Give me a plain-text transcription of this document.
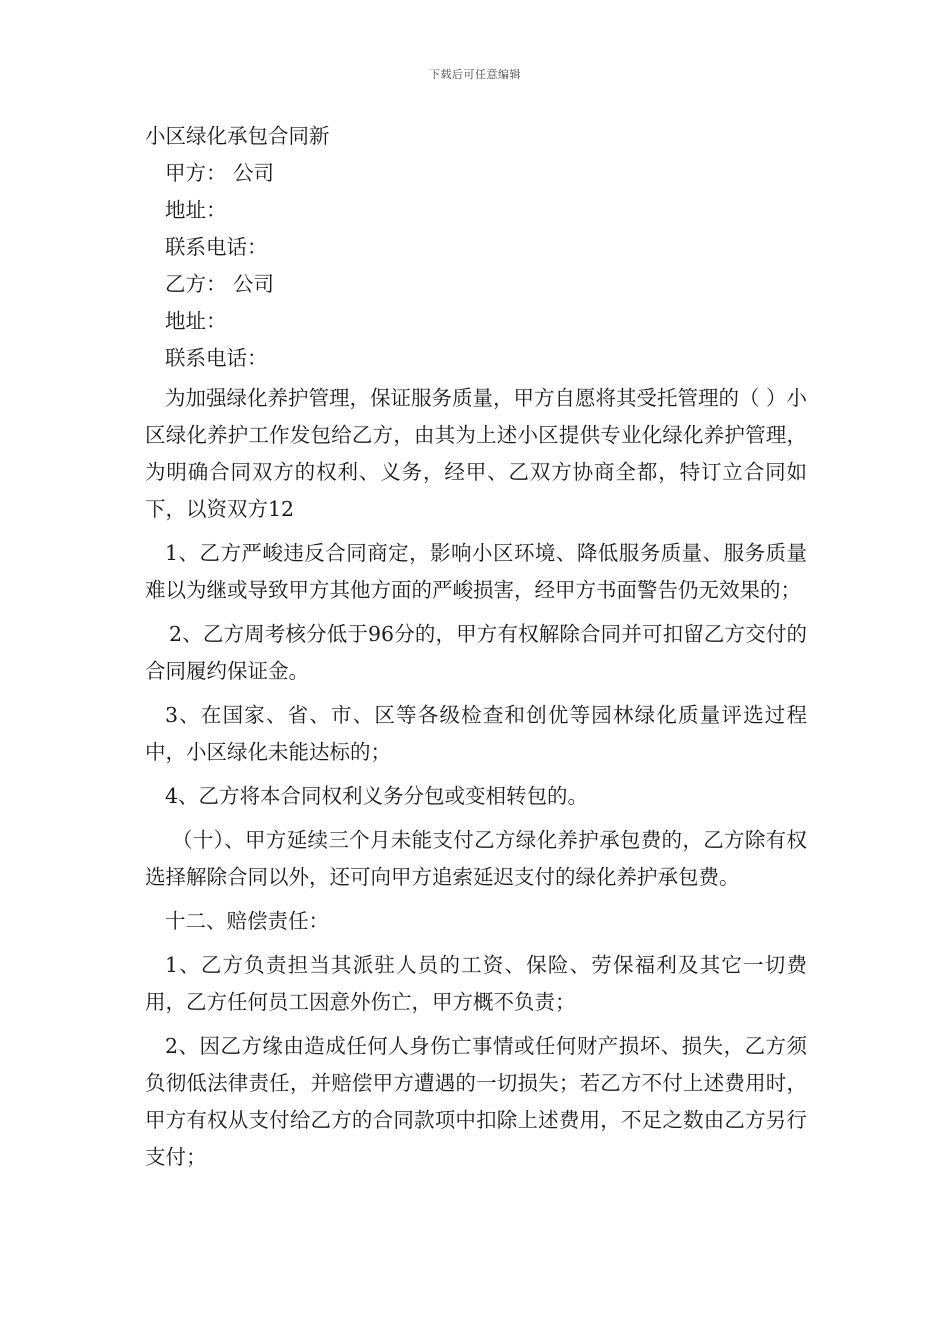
下载后可任意编辑

小区绿化承包合同新

甲方： 公司

地址：

联系电话：

乙方： 公司

地址：

联系电话：

为加强绿化养护管理，保证服务质量，甲方自愿将其受托管理的（ ）小区绿化养护工作发包给乙方，由其为上述小区提供专业化绿化养护管理，为明确合同双方的权利、义务，经甲、乙双方协商全都，特订立合同如下，以资双方12

1、乙方严峻违反合同商定，影响小区环境、降低服务质量、服务质量难以为继或导致甲方其他方面的严峻损害，经甲方书面警告仍无效果的；

2、乙方周考核分低于96分的，甲方有权解除合同并可扣留乙方交付的合同履约保证金。

3、在国家、省、市、区等各级检查和创优等园林绿化质量评选过程中，小区绿化未能达标的；

4、乙方将本合同权利义务分包或变相转包的。

（十）、甲方延续三个月未能支付乙方绿化养护承包费的，乙方除有权选择解除合同以外，还可向甲方追索延迟支付的绿化养护承包费。

十二、赔偿责任：

1、乙方负责担当其派驻人员的工资、保险、劳保福利及其它一切费用，乙方任何员工因意外伤亡，甲方概不负责；

2、因乙方缘由造成任何人身伤亡事情或任何财产损坏、损失，乙方须负彻低法律责任，并赔偿甲方遭遇的一切损失；若乙方不付上述费用时，甲方有权从支付给乙方的合同款项中扣除上述费用，不足之数由乙方另行支付；
